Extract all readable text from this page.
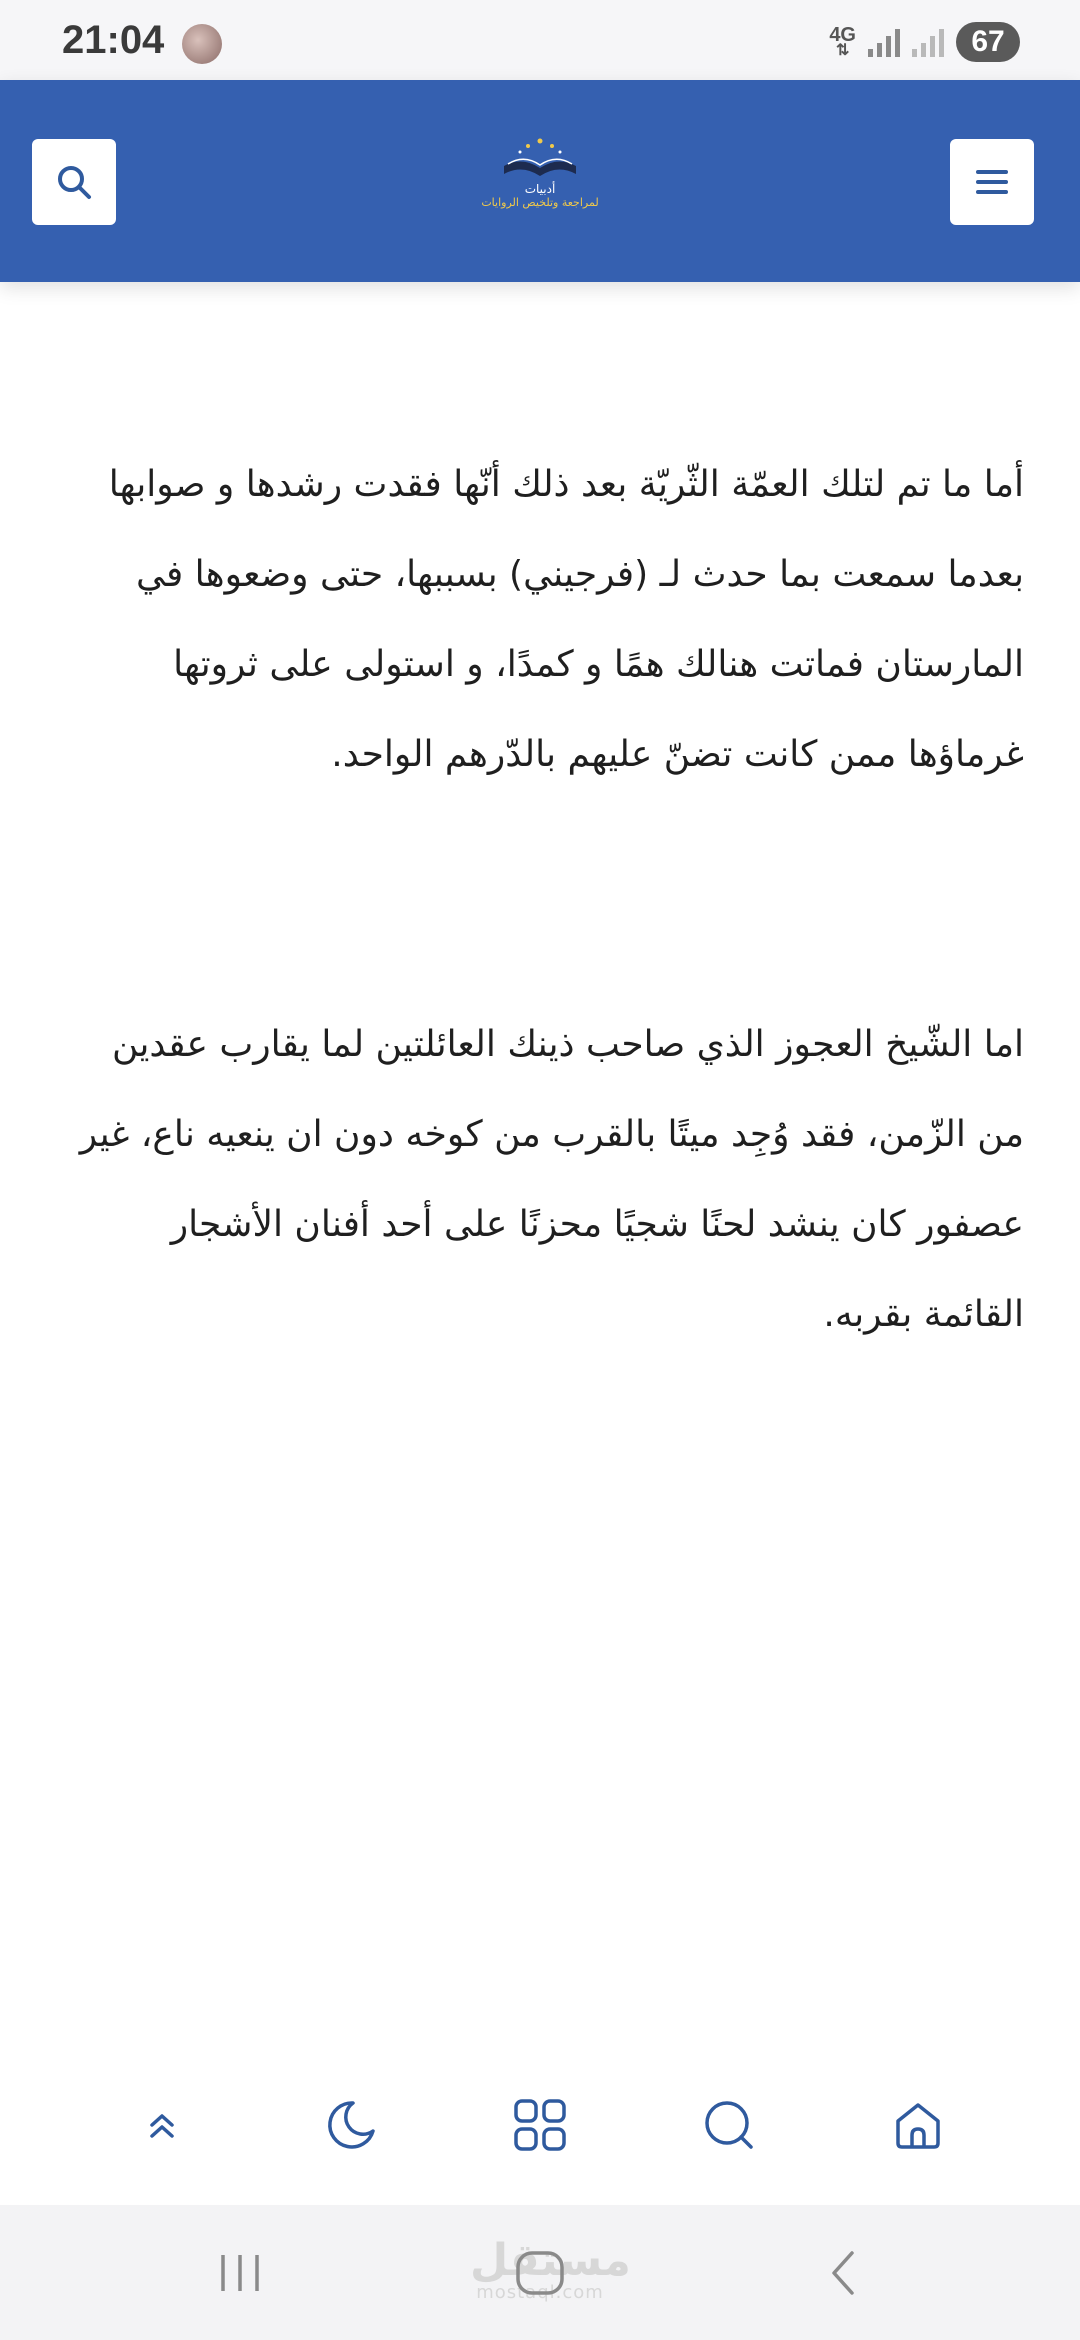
21:04	4G
⇅	67
أدبيات
لمراجعة وتلخيص الروايات

أما ما تم لتلك العمّة الثّريّة بعد ذلك أنّها فقدت رشدها و صوابها بعدما سمعت بما حدث لـ (فرجيني) بسببها، حتى وضعوها في المارستان فماتت هنالك همًا و كمدًا، و استولى على ثروتها غرماؤها ممن كانت تضنّ عليهم بالدّرهم الواحد.

اما الشّيخ العجوز الذي صاحب ذينك العائلتين لما يقارب عقدين من الزّمن، فقد وُجِد ميتًا بالقرب من كوخه دون ان ينعيه ناع، غير عصفور كان ينشد لحنًا شجيًا محزنًا على أحد أفنان الأشجار القائمة بقربه.

مستقل
mostaql.com
